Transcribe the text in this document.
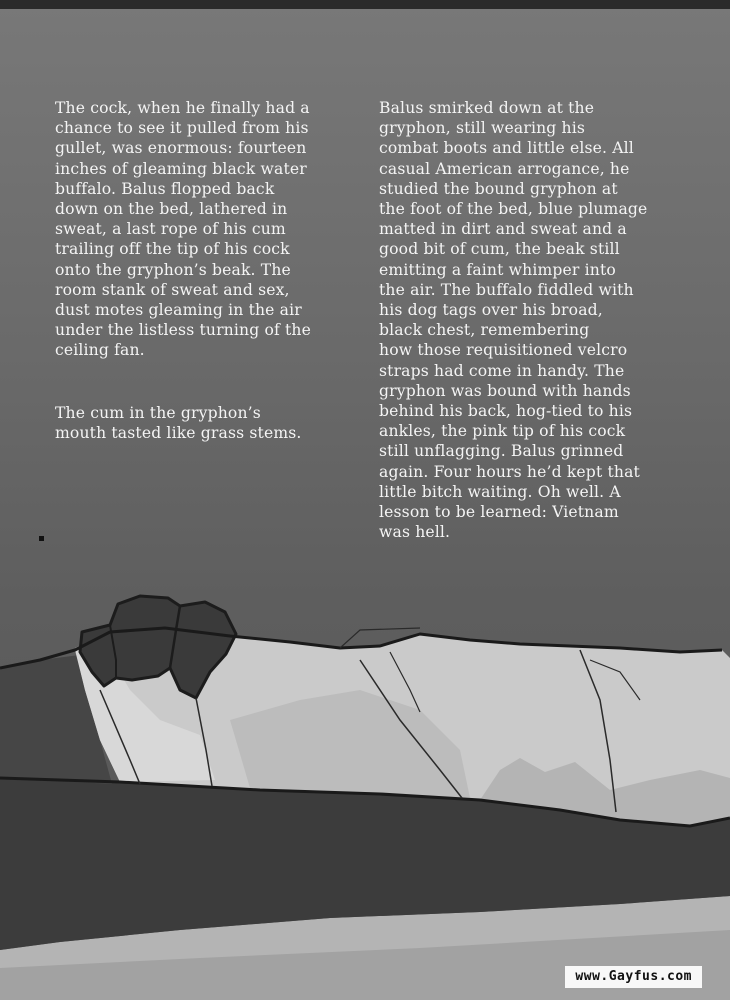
The cock, when he finally had a
chance to see it pulled from his
gullet, was enormous: fourteen
inches of gleaming black water
buffalo. Balus flopped back
down on the bed, lathered in
sweat, a last rope of his cum
trailing off the tip of his cock
onto the gryphon’s beak. The
room stank of sweat and sex,
dust motes gleaming in the air
under the listless turning of the
ceiling fan.

The cum in the gryphon’s
mouth tasted like grass stems.

Balus smirked down at the
gryphon, still wearing his
combat boots and little else. All
casual American arrogance, he
studied the bound gryphon at
the foot of the bed, blue plumage
matted in dirt and sweat and a
good bit of cum, the beak still
emitting a faint whimper into
the air. The buffalo fiddled with
his dog tags over his broad,
black chest, remembering
how those requisitioned velcro
straps had come in handy. The
gryphon was bound with hands
behind his back, hog-tied to his
ankles, the pink tip of his cock
still unflagging. Balus grinned
again. Four hours he’d kept that
little bitch waiting. Oh well. A
lesson to be learned: Vietnam
was hell.

www.Gayfus.com
